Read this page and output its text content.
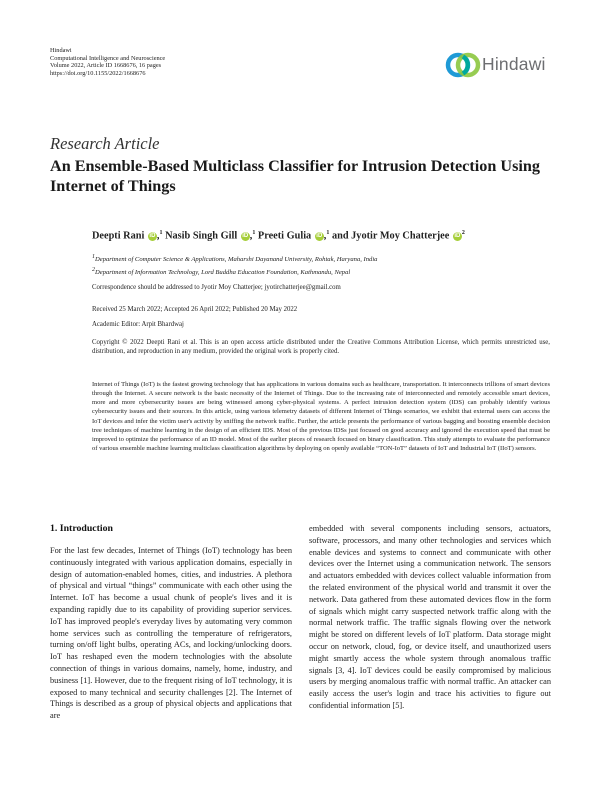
Hindawi
Computational Intelligence and Neuroscience
Volume 2022, Article ID 1668676, 16 pages
https://doi.org/10.1155/2022/1668676	Hindawi
Research Article
An Ensemble-Based Multiclass Classifier for Intrusion Detection Using Internet of Things
Deepti Rani iD ,$^1$ Nasib Singh Gill iD ,$^1$ Preeti Gulia iD ,$^1$ and Jyotir Moy Chatterjee $iD^2$
$^1$Department of Computer Science & Applications, Maharshi Dayanand University, Rohtak, Haryana, India
$^2$Department of Information Technology, Lord Buddha Education Foundation, Kathmandu, Nepal
Correspondence should be addressed to Jyotir Moy Chatterjee; jyotirchatterjee@gmail.com
Received 25 March 2022; Accepted 26 April 2022; Published 20 May 2022
Academic Editor: Arpit Bhardwaj
Copyright © 2022 Deepti Rani et al. This is an open access article distributed under the Creative Commons Attribution License, which permits unrestricted use, distribution, and reproduction in any medium, provided the original work is properly cited.
Internet of Things (IoT) is the fastest growing technology that has applications in various domains such as healthcare, transportation. It interconnects trillions of smart devices through the Internet. A secure network is the basic necessity of the Internet of Things. Due to the increasing rate of interconnected and remotely accessible smart devices, more and more cybersecurity issues are being witnessed among cyber-physical systems. A perfect intrusion detection system (IDS) can probably identify various cybersecurity issues and their sources. In this article, using various telemetry datasets of different Internet of Things scenarios, we exhibit that external users can access the IoT devices and infer the victim user's activity by sniffing the network traffic. Further, the article presents the performance of various bagging and boosting ensemble decision tree techniques of machine learning in the design of an efficient IDS. Most of the previous IDSs just focused on good accuracy and ignored the execution speed that must be improved to optimize the performance of an ID model. Most of the earlier pieces of research focused on binary classification. This study attempts to evaluate the performance of various ensemble machine learning multiclass classification algorithms by deploying on openly available “TON-IoT” datasets of IoT and Industrial IoT (IIoT) sensors.
1. Introduction
For the last few decades, Internet of Things (IoT) technology has been continuously integrated with various application domains, especially in design of automation-enabled homes, cities, and industries. A plethora of physical and virtual “things” communicate with each other using the Internet. IoT has become a usual chunk of people's lives and it is expanding rapidly due to its capability of providing superior services. IoT has improved people's everyday lives by automating very common home services such as controlling the temperature of refrigerators, turning on/off light bulbs, operating ACs, and locking/unlocking doors. IoT has reshaped even the modern technologies with the absolute connection of things in various domains, namely, home, industry, and business [1]. However, due to the frequent rising of IoT technology, it is exposed to many technical and security challenges [2]. The Internet of Things is described as a group of physical objects and applications that are
embedded with several components including sensors, actuators, software, processors, and many other technologies and services which enable devices and systems to connect and communicate with other devices over the Internet using a communication network. The sensors and actuators embedded with devices collect valuable information from the related environment of the physical world and transmit it over the network. Data gathered from these automated devices flow in the form of signals which might carry suspected network traffic along with the normal network traffic. The traffic signals flowing over the network might be stored on different levels of IoT platform. Data storage might occur on network, cloud, fog, or device itself, and unauthorized users might smartly access the whole system through anomalous traffic signals [3, 4]. IoT devices could be easily compromised by malicious users by merging anomalous traffic with normal traffic. An attacker can easily access the user's login and trace his activities to figure out confidential information [5].
